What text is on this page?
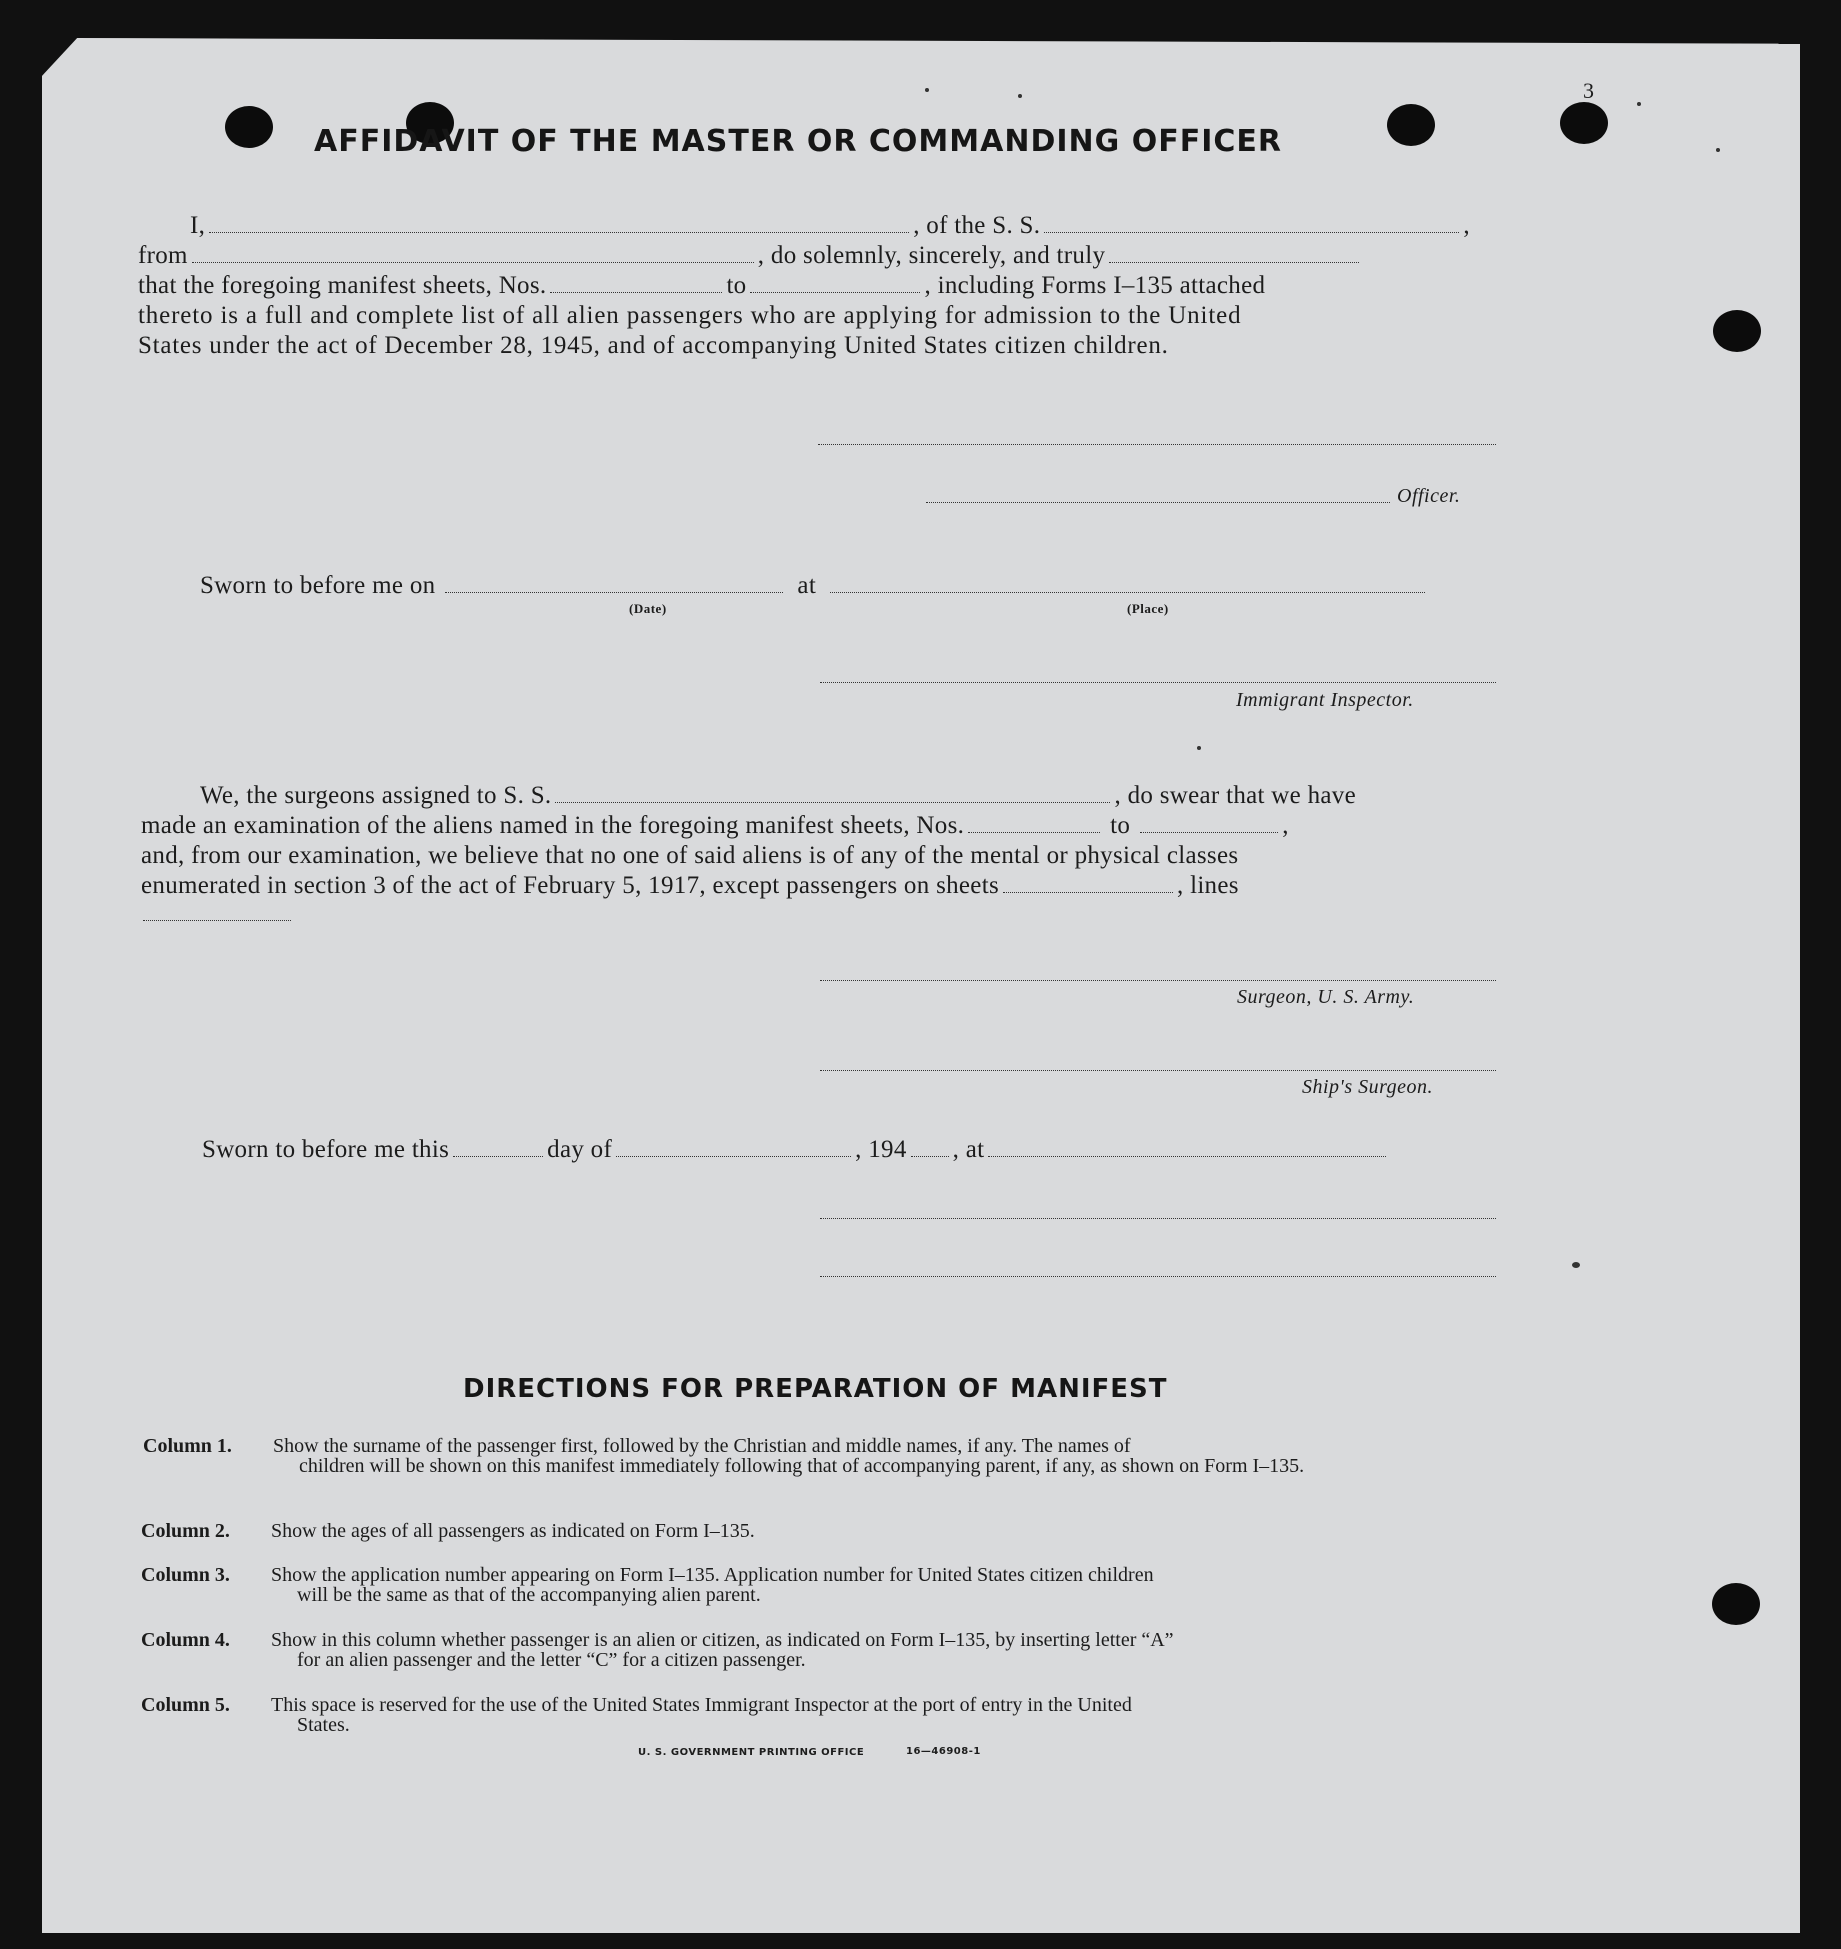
3
AFFIDAVIT OF THE MASTER OR COMMANDING OFFICER
I,	, of the S. S.	,
from	, do solemnly, sincerely, and truly
that the foregoing manifest sheets, Nos.	to	, including Forms I–135 attached
thereto is a full and complete list of all alien passengers who are applying for admission to the United
States under the act of December 28, 1945, and of accompanying United States citizen children.
Officer.
Sworn to before me on	at
(Date)	(Place)
Immigrant Inspector.
We, the surgeons assigned to S. S.	, do swear that we have
made an examination of the aliens named in the foregoing manifest sheets, Nos.	to	,
and, from our examination, we believe that no one of said aliens is of any of the mental or physical classes
enumerated in section 3 of the act of February 5, 1917, except passengers on sheets	, lines
Surgeon, U. S. Army.
Ship's Surgeon.
Sworn to before me this	day of	, 194 , at
DIRECTIONS FOR PREPARATION OF MANIFEST
Column 1. Show the surname of the passenger first, followed by the Christian and middle names, if any. The names of
children will be shown on this manifest immediately following that of accompanying parent, if any, as shown on Form I–135.
Column 2. Show the ages of all passengers as indicated on Form I–135.
Column 3. Show the application number appearing on Form I–135. Application number for United States citizen children
will be the same as that of the accompanying alien parent.
Column 4. Show in this column whether passenger is an alien or citizen, as indicated on Form I–135, by inserting letter “A”
for an alien passenger and the letter “C” for a citizen passenger.
Column 5. This space is reserved for the use of the United States Immigrant Inspector at the port of entry in the United
States.
U. S. GOVERNMENT PRINTING OFFICE	16—46908-1
